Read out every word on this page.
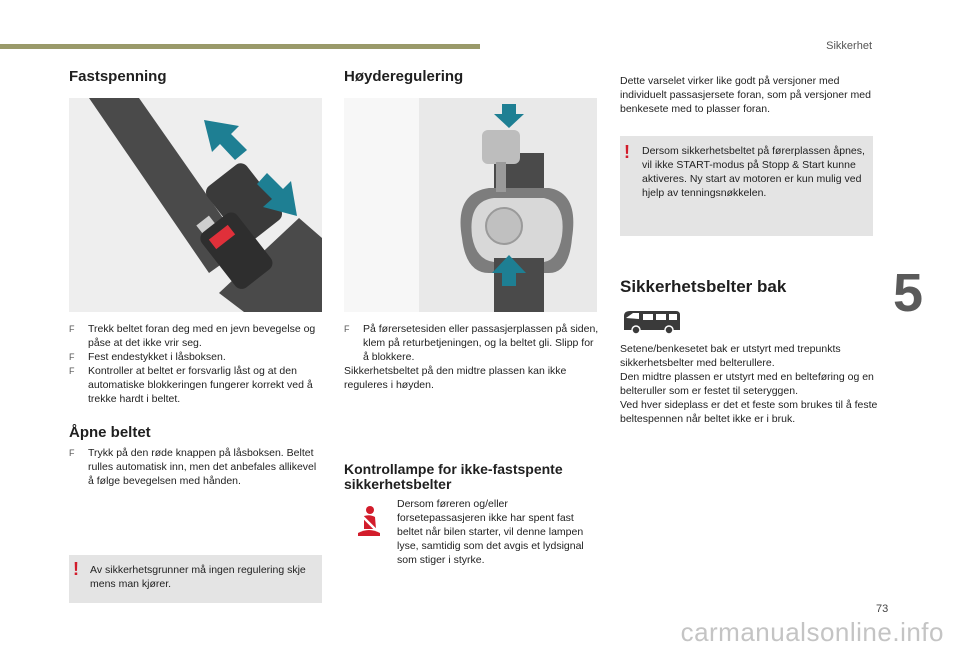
Sikkerhet
5
Fastspenning

F Trekk beltet foran deg med en jevn bevegelse og påse at det ikke vrir seg.

F Fest endestykket i låsboksen.

F Kontroller at beltet er forsvarlig låst og at den automatiske blokkeringen fungerer korrekt ved å trekke hardt i beltet.

Åpne beltet

F Trykk på den røde knappen på låsboksen. Beltet rulles automatisk inn, men det anbefales allikevel å følge bevegelsen med hånden.

! Av sikkerhetsgrunner må ingen regulering skje mens man kjører.
Høyderegulering

F På førersetesiden eller passasjerplassen på siden, klem på returbetjeningen, og la beltet gli. Slipp for å blokkere.

Sikkerhetsbeltet på den midtre plassen kan ikke reguleres i høyden.

Kontrollampe for ikke-fastspente sikkerhetsbelter
Dersom føreren og/eller forsetepassasjeren ikke har spent fast beltet når bilen starter, vil denne lampen lyse, samtidig som det avgis et lydsignal som stiger i styrke.
Dette varselet virker like godt på versjoner med individuelt passasjersete foran, som på versjoner med benkesete med to plasser foran.
! Dersom sikkerhetsbeltet på førerplassen åpnes, vil ikke START-modus på Stopp & Start kunne aktiveres. Ny start av motoren er kun mulig ved hjelp av tenningsnøkkelen.
Sikkerhetsbelter bak
Setene/benkesetet bak er utstyrt med trepunkts sikkerhetsbelter med belterullere.
Den midtre plassen er utstyrt med en belteføring og en belteruller som er festet til seteryggen.
Ved hver sideplass er det et feste som brukes til å feste beltespennen når beltet ikke er i bruk.
73
carmanualsonline.info
